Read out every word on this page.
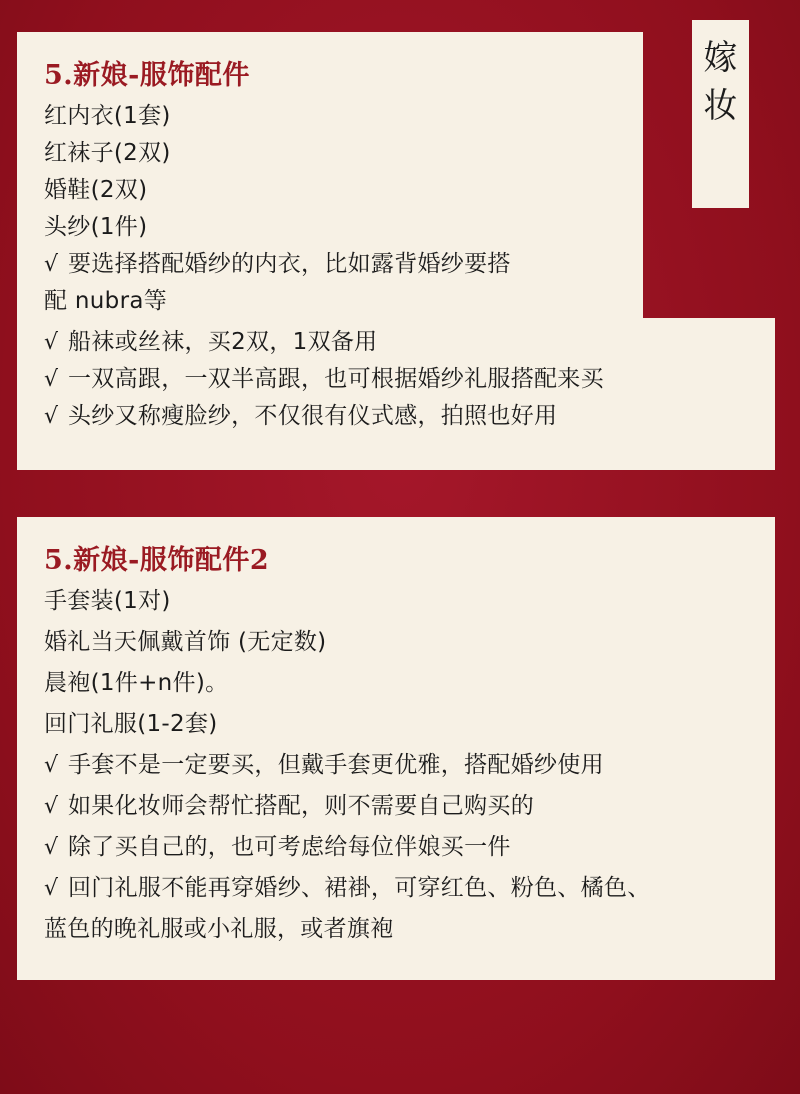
嫁
妆

5.新娘-服饰配件

红内衣(1套)

红袜子(2双)

婚鞋(2双)

头纱(1件)

√ 要选择搭配婚纱的内衣，比如露背婚纱要搭

配 nubra等

√ 船袜或丝袜，买2双，1双备用

√ 一双高跟，一双半高跟，也可根据婚纱礼服搭配来买

√ 头纱又称瘦脸纱，不仅很有仪式感，拍照也好用

5.新娘-服饰配件2

手套装(1对)

婚礼当天佩戴首饰 (无定数)

晨袍(1件+n件)。

回门礼服(1-2套)

√ 手套不是一定要买，但戴手套更优雅，搭配婚纱使用

√ 如果化妆师会帮忙搭配，则不需要自己购买的

√ 除了买自己的，也可考虑给每位伴娘买一件

√ 回门礼服不能再穿婚纱、裙褂，可穿红色、粉色、橘色、

蓝色的晚礼服或小礼服，或者旗袍
